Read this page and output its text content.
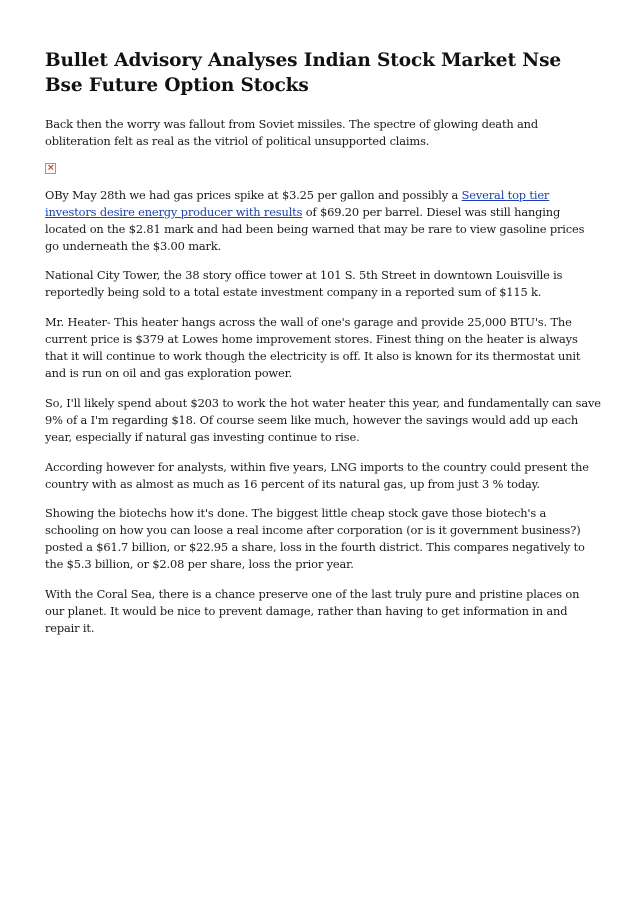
Bullet Advisory Analyses Indian Stock Market Nse Bse Future Option Stocks

Back then the worry was fallout from Soviet missiles. The spectre of glowing death and obliteration felt as real as the vitriol of political unsupported claims.

×

OBy May 28th we had gas prices spike at $3.25 per gallon and possibly a Several top tier investors desire energy producer with results of $69.20 per barrel. Diesel was still hanging located on the $2.81 mark and had been being warned that may be rare to view gasoline prices go underneath the $3.00 mark.

National City Tower, the 38 story office tower at 101 S. 5th Street in downtown Louisville is reportedly being sold to a total estate investment company in a reported sum of $115 k.

Mr. Heater- This heater hangs across the wall of one's garage and provide 25,000 BTU's. The current price is $379 at Lowes home improvement stores. Finest thing on the heater is always that it will continue to work though the electricity is off. It also is known for its thermostat unit and is run on oil and gas exploration power.

So, I'll likely spend about $203 to work the hot water heater this year, and fundamentally can save 9% of a I'm regarding $18. Of course seem like much, however the savings would add up each year, especially if natural gas investing continue to rise.

According however for analysts, within five years, LNG imports to the country could present the country with as almost as much as 16 percent of its natural gas, up from just 3 % today.

Showing the biotechs how it's done. The biggest little cheap stock gave those biotech's a schooling on how you can loose a real income after corporation (or is it government business?) posted a $61.7 billion, or $22.95 a share, loss in the fourth district. This compares negatively to the $5.3 billion, or $2.08 per share, loss the prior year.

With the Coral Sea, there is a chance preserve one of the last truly pure and pristine places on our planet. It would be nice to prevent damage, rather than having to get information in and repair it.
